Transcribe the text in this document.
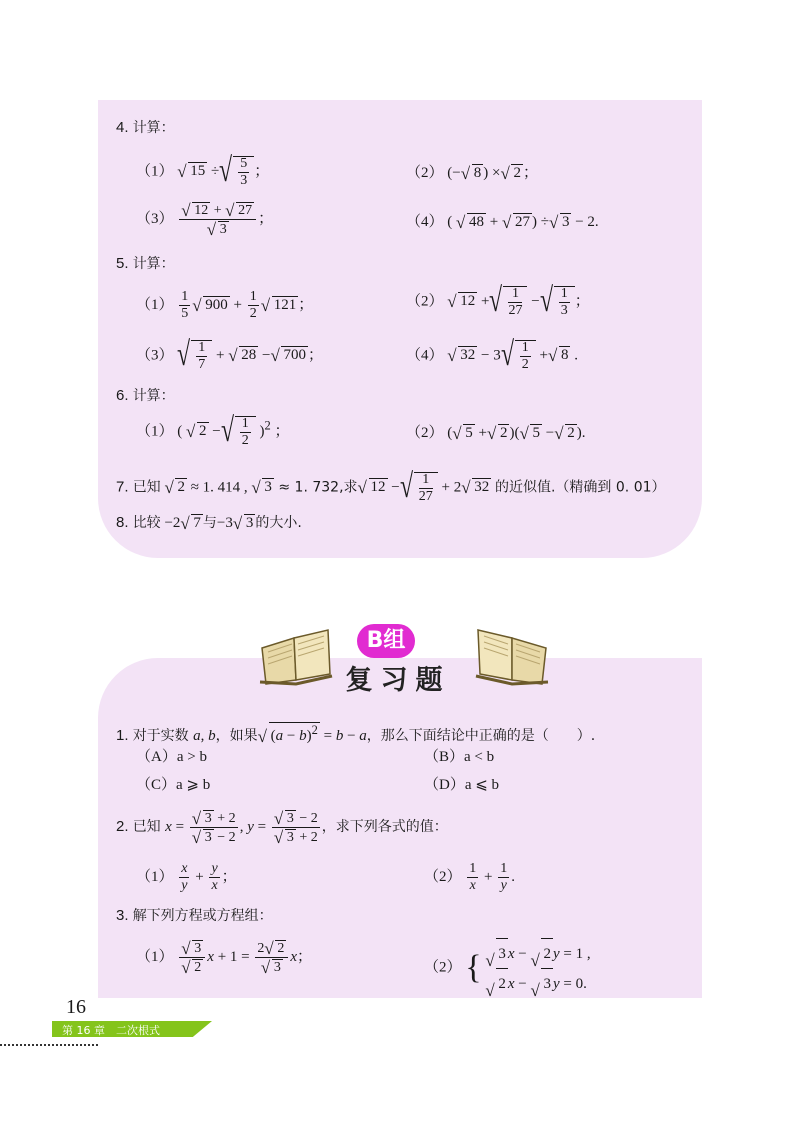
4. 计算：
（1） √ 15 ÷ √ $\frac{5}{3}$ ；	（2） (− √ 8 ) × √ 2 ；
$(3) \frac{√ 12 + √ 27}{√ 3}$ ；	（4） ( √ 48 + √ 27 ) ÷ √ 3 − 2.
5. 计算：
$(1) \frac{1}{5}$ √ $900 + \frac{1}{2}$ √ 121 ；	（2） √ 12 + √ $\frac{1}{27}$ − √ $\frac{1}{3}$ ；
（3） √ $\frac{1}{7}$ + √ 28 − √ 700 ；	（4） √ 32 − 3 √ $\frac{1}{2}$ + √ 8 .
6. 计算：
（1） ( √ 2 − √ $\frac{1}{2} )^2$ ；	（2） ( √ 5 + √ 2 )( √ 5 − √ 2 ).
7. 已知 √ 2 ≈ 1. 414 , √ 3 ≈ 1. 732,求 √ 12 − √ $\frac{1}{27} + 2$ √ 32 的近似值.（精确到 0. 01）
8. 比较 −2 √ 7 与−3 √ 3 的大小.
B组
复习题
1. 对于实数 a, b，如果 √ $(a - b)^2 = b - a$，那么下面结论中正确的是（　　）.
（A）a > b	（B）a < b
（C）a ⩾ b	（D）a ⩽ b
2. 已知 $x = \frac{√ 3 + 2}{√ 3 - 2}$ , $y = \frac{√ 3 - 2}{√ 3 + 2}$ ，求下列各式的值：
$(1) \frac{x}{y} + \frac{y}{x}$ ；	$(2) \frac{1}{x} + \frac{1}{y}$ .
3. 解下列方程或方程组：
$(1) \frac{√ 3}{√ 2}$ $x + 1 = \frac{2 √ 2}{√ 3}$ x；
（2） { √ 3 x − √ 2 y = 1 ,
√ 2 x − √ 3 y = 0.
16
第 16 章　二次根式
